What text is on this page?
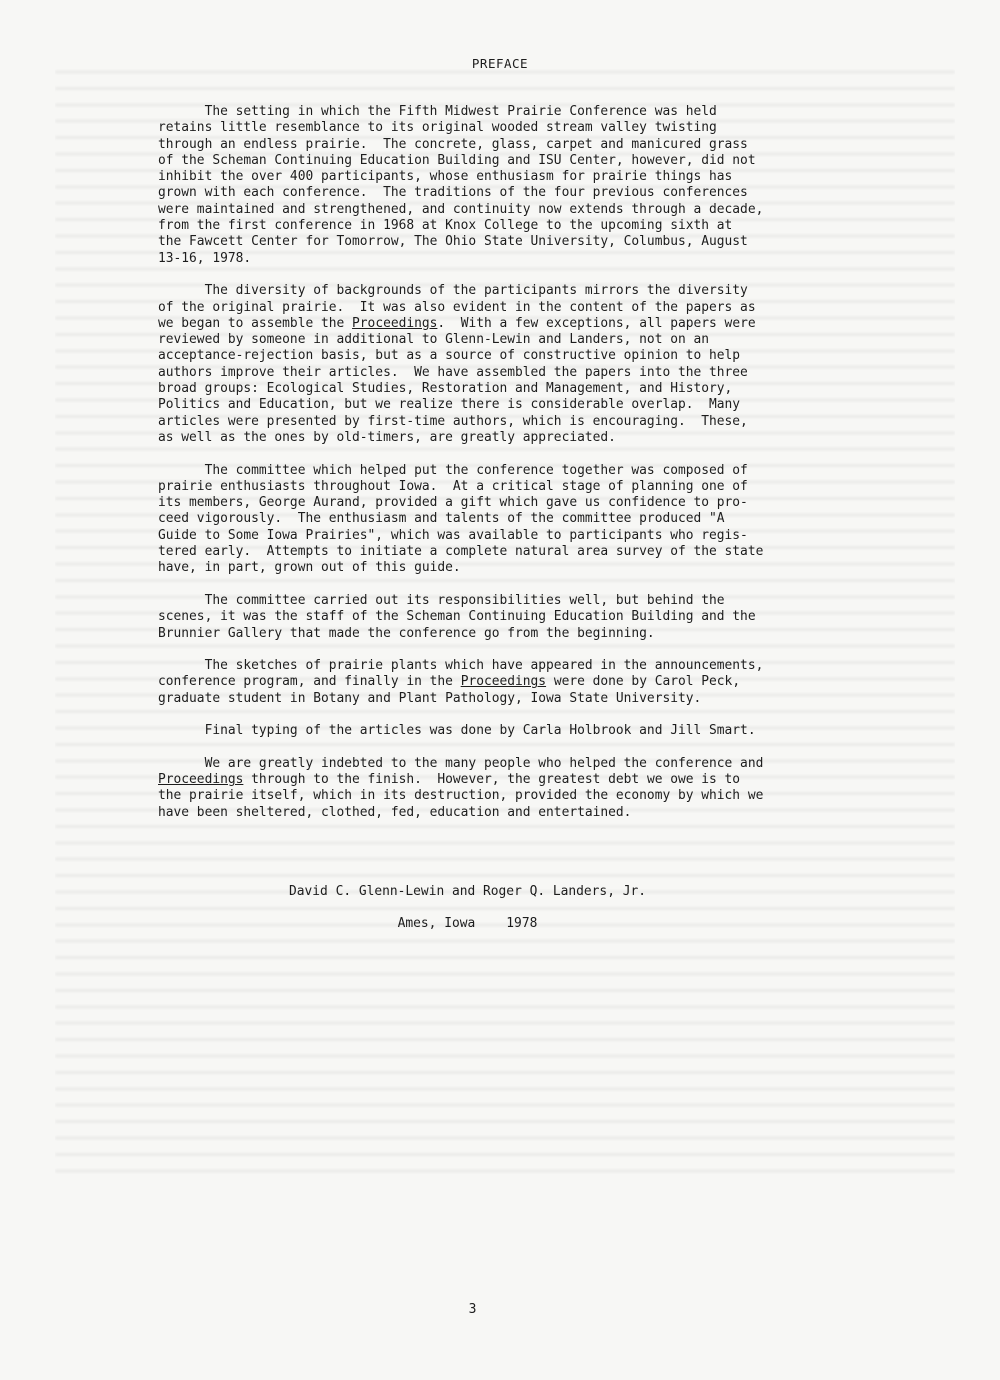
PREFACE
The setting in which the Fifth Midwest Prairie Conference was held
retains little resemblance to its original wooded stream valley twisting
through an endless prairie.  The concrete, glass, carpet and manicured grass
of the Scheman Continuing Education Building and ISU Center, however, did not
inhibit the over 400 participants, whose enthusiasm for prairie things has
grown with each conference.  The traditions of the four previous conferences
were maintained and strengthened, and continuity now extends through a decade,
from the first conference in 1968 at Knox College to the upcoming sixth at
the Fawcett Center for Tomorrow, The Ohio State University, Columbus, August
13-16, 1978.
The diversity of backgrounds of the participants mirrors the diversity
of the original prairie.  It was also evident in the content of the papers as
we began to assemble the Proceedings.  With a few exceptions, all papers were
reviewed by someone in additional to Glenn-Lewin and Landers, not on an
acceptance-rejection basis, but as a source of constructive opinion to help
authors improve their articles.  We have assembled the papers into the three
broad groups: Ecological Studies, Restoration and Management, and History,
Politics and Education, but we realize there is considerable overlap.  Many
articles were presented by first-time authors, which is encouraging.  These,
as well as the ones by old-timers, are greatly appreciated.
The committee which helped put the conference together was composed of
prairie enthusiasts throughout Iowa.  At a critical stage of planning one of
its members, George Aurand, provided a gift which gave us confidence to pro-
ceed vigorously.  The enthusiasm and talents of the committee produced "A
Guide to Some Iowa Prairies", which was available to participants who regis-
tered early.  Attempts to initiate a complete natural area survey of the state
have, in part, grown out of this guide.
The committee carried out its responsibilities well, but behind the
scenes, it was the staff of the Scheman Continuing Education Building and the
Brunnier Gallery that made the conference go from the beginning.
The sketches of prairie plants which have appeared in the announcements,
conference program, and finally in the Proceedings were done by Carol Peck,
graduate student in Botany and Plant Pathology, Iowa State University.
Final typing of the articles was done by Carla Holbrook and Jill Smart.
We are greatly indebted to the many people who helped the conference and
Proceedings through to the finish.  However, the greatest debt we owe is to
the prairie itself, which in its destruction, provided the economy by which we
have been sheltered, clothed, fed, education and entertained.
David C. Glenn-Lewin and Roger Q. Landers, Jr.
Ames, Iowa    1978
3
